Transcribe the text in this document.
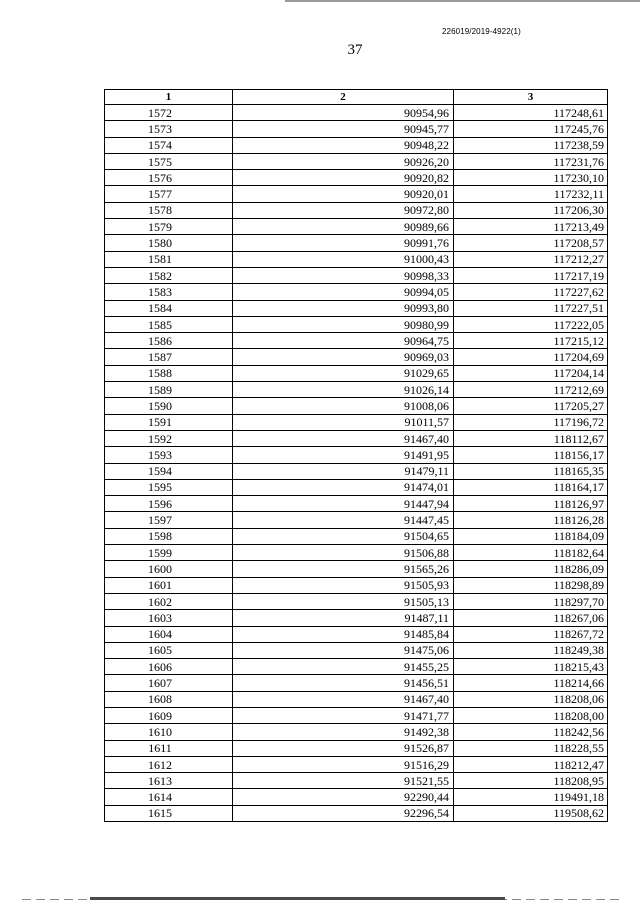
226019/2019-4922(1)
37
1	2	3
1572	90954,96	117248,61
1573	90945,77	117245,76
1574	90948,22	117238,59
1575	90926,20	117231,76
1576	90920,82	117230,10
1577	90920,01	117232,11
1578	90972,80	117206,30
1579	90989,66	117213,49
1580	90991,76	117208,57
1581	91000,43	117212,27
1582	90998,33	117217,19
1583	90994,05	117227,62
1584	90993,80	117227,51
1585	90980,99	117222,05
1586	90964,75	117215,12
1587	90969,03	117204,69
1588	91029,65	117204,14
1589	91026,14	117212,69
1590	91008,06	117205,27
1591	91011,57	117196,72
1592	91467,40	118112,67
1593	91491,95	118156,17
1594	91479,11	118165,35
1595	91474,01	118164,17
1596	91447,94	118126,97
1597	91447,45	118126,28
1598	91504,65	118184,09
1599	91506,88	118182,64
1600	91565,26	118286,09
1601	91505,93	118298,89
1602	91505,13	118297,70
1603	91487,11	118267,06
1604	91485,84	118267,72
1605	91475,06	118249,38
1606	91455,25	118215,43
1607	91456,51	118214,66
1608	91467,40	118208,06
1609	91471,77	118208,00
1610	91492,38	118242,56
1611	91526,87	118228,55
1612	91516,29	118212,47
1613	91521,55	118208,95
1614	92290,44	119491,18
1615	92296,54	119508,62
